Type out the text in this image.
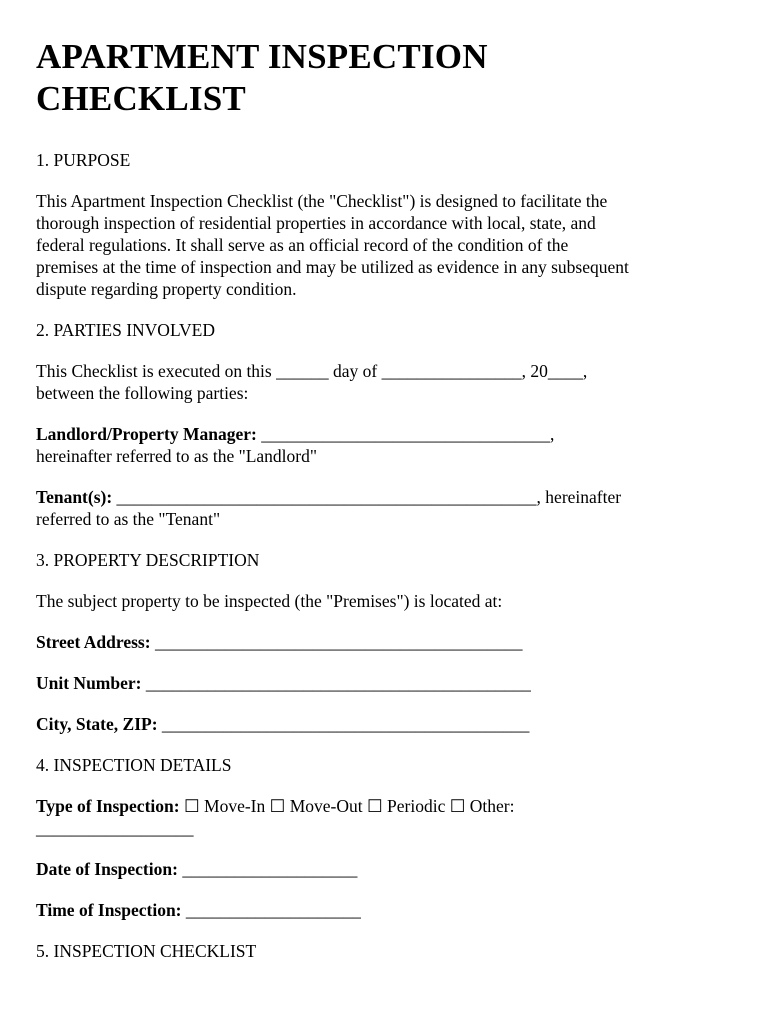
APARTMENT INSPECTION
CHECKLIST

1. PURPOSE

This Apartment Inspection Checklist (the "Checklist") is designed to facilitate the
thorough inspection of residential properties in accordance with local, state, and
federal regulations. It shall serve as an official record of the condition of the
premises at the time of inspection and may be utilized as evidence in any subsequent
dispute regarding property condition.

2. PARTIES INVOLVED

This Checklist is executed on this ______ day of ________________, 20____,
between the following parties:

Landlord/Property Manager: _________________________________,
hereinafter referred to as the "Landlord"

Tenant(s): ________________________________________________, hereinafter
referred to as the "Tenant"

3. PROPERTY DESCRIPTION

The subject property to be inspected (the "Premises") is located at:

Street Address: __________________________________________

Unit Number: ____________________________________________

City, State, ZIP: __________________________________________

4. INSPECTION DETAILS

Type of Inspection: ☐ Move-In ☐ Move-Out ☐ Periodic ☐ Other:
__________________

Date of Inspection: ____________________

Time of Inspection: ____________________

5. INSPECTION CHECKLIST
